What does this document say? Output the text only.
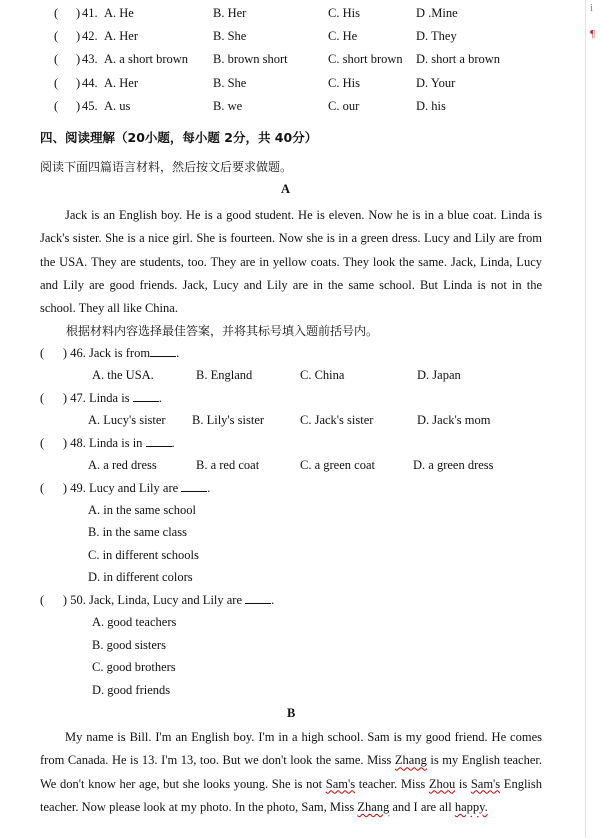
i
¶
( ) 41. A. He	B. Her	C. His	D .Mine
( ) 42. A. Her	B. She	C. He	D. They
( ) 43. A. a short brown B. brown short	C. short brown D. short a brown
( ) 44. A. Her	B. She	C. His	D. Your
( ) 45. A. us	B. we	C. our	D. his
四、阅读理解（20小题，每小题 2分，共 40分）
阅读下面四篇语言材料，然后按文后要求做题。
A
Jack is an English boy. He is a good student. He is eleven. Now he is in a blue coat. Linda is Jack's sister. She is a nice girl. She is fourteen. Now she is in a green dress. Lucy and Lily are from the USA. They are students, too. They are in yellow coats. They look the same. Jack, Linda, Lucy and Lily are good friends. Jack, Lucy and Lily are in the same school. But Linda is not in the school. They all like China.
根据材料内容选择最佳答案，并将其标号填入题前括号内。
(      ) 46. Jack is from .
A. the USA.	B. England	C. China	D. Japan
(      ) 47. Linda is .
A. Lucy's sister B. Lily's sister	C. Jack's sister	D. Jack's mom
(      ) 48. Linda is in .
A. a red dress	B. a red coat	C. a green coat	D. a green dress
(      ) 49. Lucy and Lily are .
A. in the same school
B. in the same class
C. in different schools
D. in different colors
(      ) 50. Jack, Linda, Lucy and Lily are .
A. good teachers
B. good sisters
C. good brothers
D. good friends
B
My name is Bill. I'm an English boy. I'm in a high school. Sam is my good friend. He comes from Canada. He is 13. I'm 13, too. But we don't look the same. Miss Zhang is my English teacher. We don't know her age, but she looks young. She is not Sam's teacher. Miss Zhou is Sam's English teacher. Now please look at my photo. In the photo, Sam, Miss Zhang and I are all happy.
